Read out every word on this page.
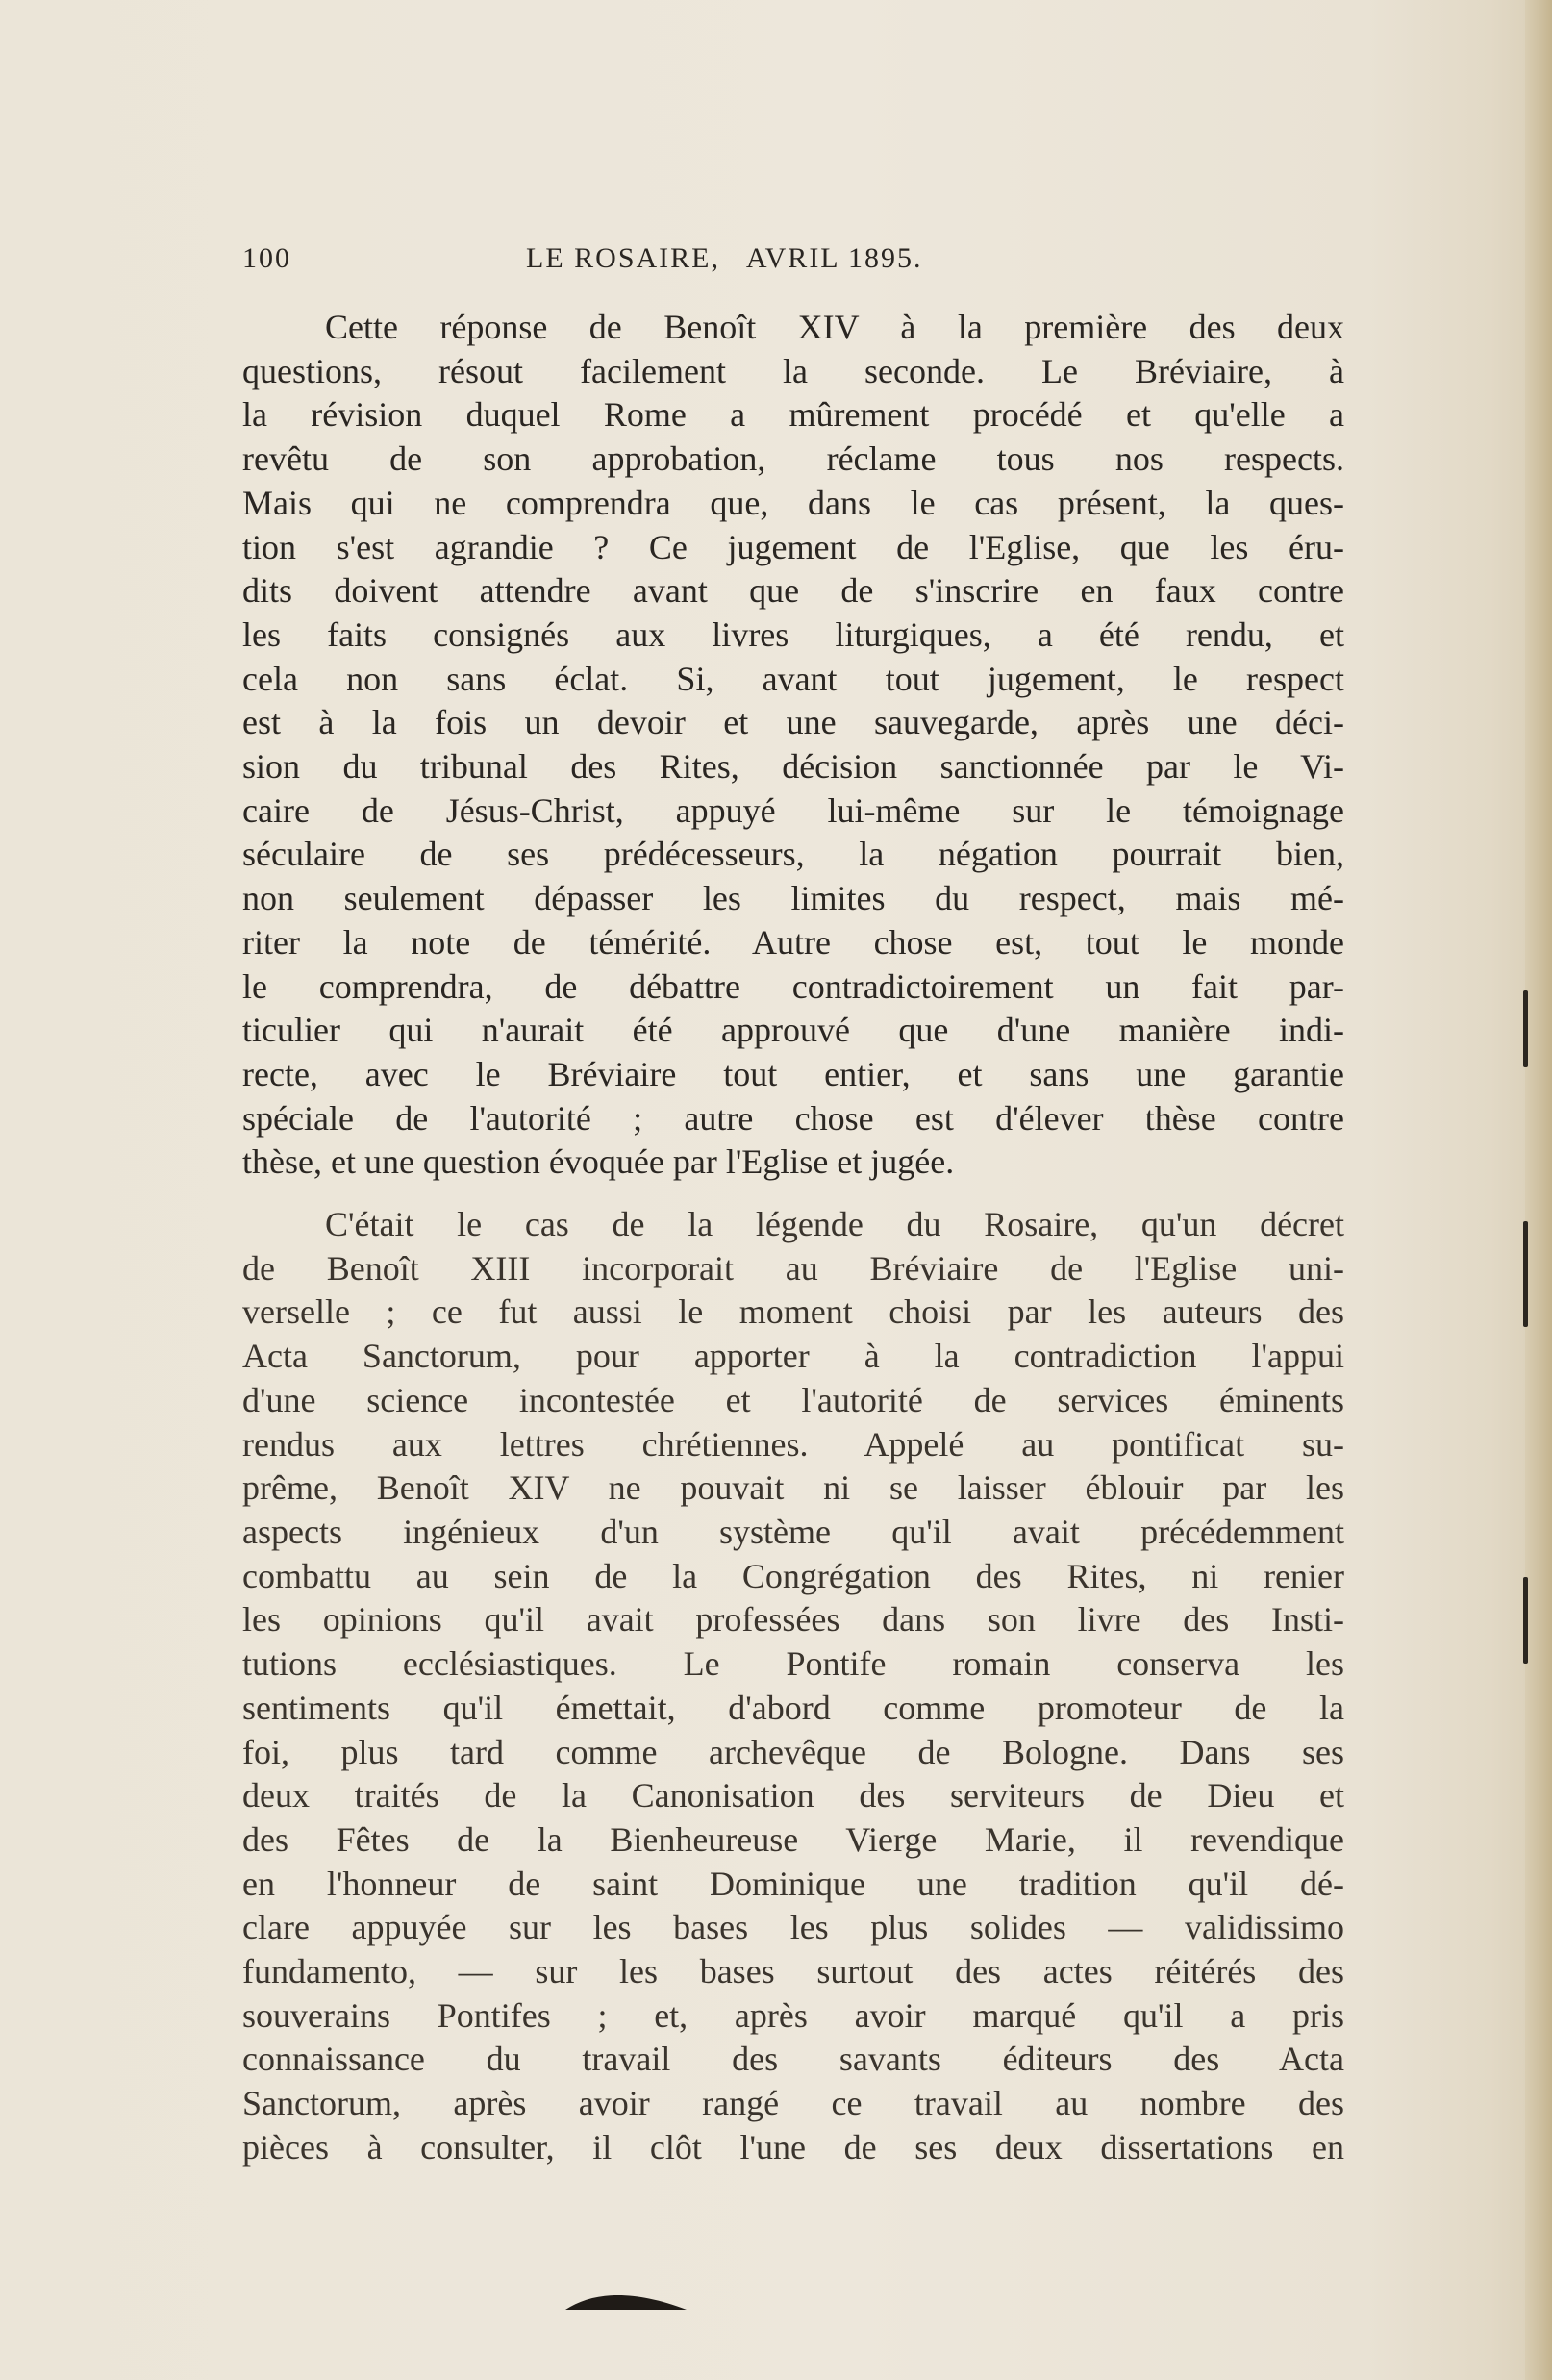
100	LE ROSAIRE,   AVRIL 1895.
Cette réponse de Benoît XIV à la première des deux
questions, résout facilement la seconde. Le Bréviaire, à
la révision duquel Rome a mûrement procédé et qu'elle a
revêtu de son approbation, réclame tous nos respects.
Mais qui ne comprendra que, dans le cas présent, la ques-
tion s'est agrandie ? Ce jugement de l'Eglise, que les éru-
dits doivent attendre avant que de s'inscrire en faux contre
les faits consignés aux livres liturgiques, a été rendu, et
cela non sans éclat. Si, avant tout jugement, le respect
est à la fois un devoir et une sauvegarde, après une déci-
sion du tribunal des Rites, décision sanctionnée par le Vi-
caire de Jésus-Christ, appuyé lui-même sur le témoignage
séculaire de ses prédécesseurs, la négation pourrait bien,
non seulement dépasser les limites du respect, mais mé-
riter la note de témérité. Autre chose est, tout le monde
le comprendra, de débattre contradictoirement un fait par-
ticulier qui n'aurait été approuvé que d'une manière indi-
recte, avec le Bréviaire tout entier, et sans une garantie
spéciale de l'autorité ; autre chose est d'élever thèse contre
thèse, et une question évoquée par l'Eglise et jugée.
C'était le cas de la légende du Rosaire, qu'un décret
de Benoît XIII incorporait au Bréviaire de l'Eglise uni-
verselle ; ce fut aussi le moment choisi par les auteurs des
Acta Sanctorum, pour apporter à la contradiction l'appui
d'une science incontestée et l'autorité de services éminents
rendus aux lettres chrétiennes. Appelé au pontificat su-
prême, Benoît XIV ne pouvait ni se laisser éblouir par les
aspects ingénieux d'un système qu'il avait précédemment
combattu au sein de la Congrégation des Rites, ni renier
les opinions qu'il avait professées dans son livre des Insti-
tutions ecclésiastiques. Le Pontife romain conserva les
sentiments qu'il émettait, d'abord comme promoteur de la
foi, plus tard comme archevêque de Bologne. Dans ses
deux traités de la Canonisation des serviteurs de Dieu et
des Fêtes de la Bienheureuse Vierge Marie, il revendique
en l'honneur de saint Dominique une tradition qu'il dé-
clare appuyée sur les bases les plus solides — validissimo
fundamento, — sur les bases surtout des actes réitérés des
souverains Pontifes ; et, après avoir marqué qu'il a pris
connaissance du travail des savants éditeurs des Acta
Sanctorum, après avoir rangé ce travail au nombre des
pièces à consulter, il clôt l'une de ses deux dissertations en
